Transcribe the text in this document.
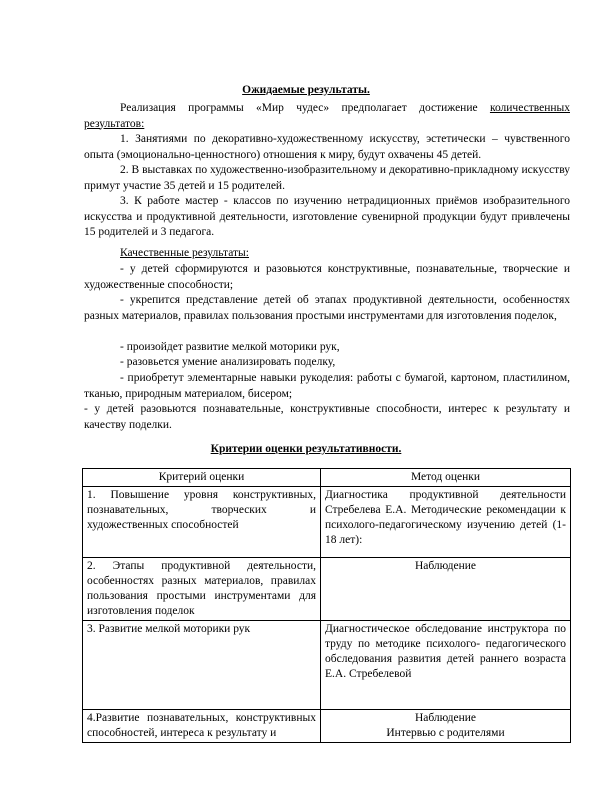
Ожидаемые результаты.

Реализация программы «Мир чудес» предполагает достижение количественных результатов:

1. Занятиями по декоративно-художественному искусству, эстетически – чувственного опыта (эмоционально-ценностного) отношения к миру, будут охвачены 45 детей.

2. В выставках по художественно-изобразительному и декоративно-прикладному искусству примут участие 35 детей и 15 родителей.

3. К работе мастер - классов по изучению нетрадиционных приёмов изобразительного искусства и продуктивной деятельности, изготовление сувенирной продукции будут привлечены 15 родителей и 3 педагога.

Качественные результаты:

- у детей сформируются и разовьются конструктивные, познавательные, творческие и художественные способности;

- укрепится представление детей об этапах продуктивной деятельности, особенностях разных материалов, правилах пользования простыми инструментами для изготовления поделок,

- произойдет развитие мелкой моторики рук,

- разовьется умение анализировать поделку,

- приобретут элементарные навыки рукоделия: работы с бумагой, картоном, пластилином, тканью, природным материалом, бисером;

- у детей разовьются познавательные, конструктивные способности, интерес к результату и качеству поделки.

Критерии оценки результативности.
Критерий оценки	Метод оценки
1. Повышение уровня конструктивных, познавательных, творческих и художественных способностей	Диагностика продуктивной деятельности Стребелева Е.А. Методические рекомендации к психолого-педагогическому изучению детей (1-18 лет):
2. Этапы продуктивной деятельности, особенностях разных материалов, правилах пользования простыми инструментами для изготовления поделок	Наблюдение
3. Развитие мелкой моторики рук	Диагностическое обследование инструктора по труду по методике психолого- педагогического обследования развития детей раннего возраста Е.А. Стребелевой
4.Развитие познавательных, конструктивных способностей, интереса к результату и	Наблюдение
Интервью с родителями
